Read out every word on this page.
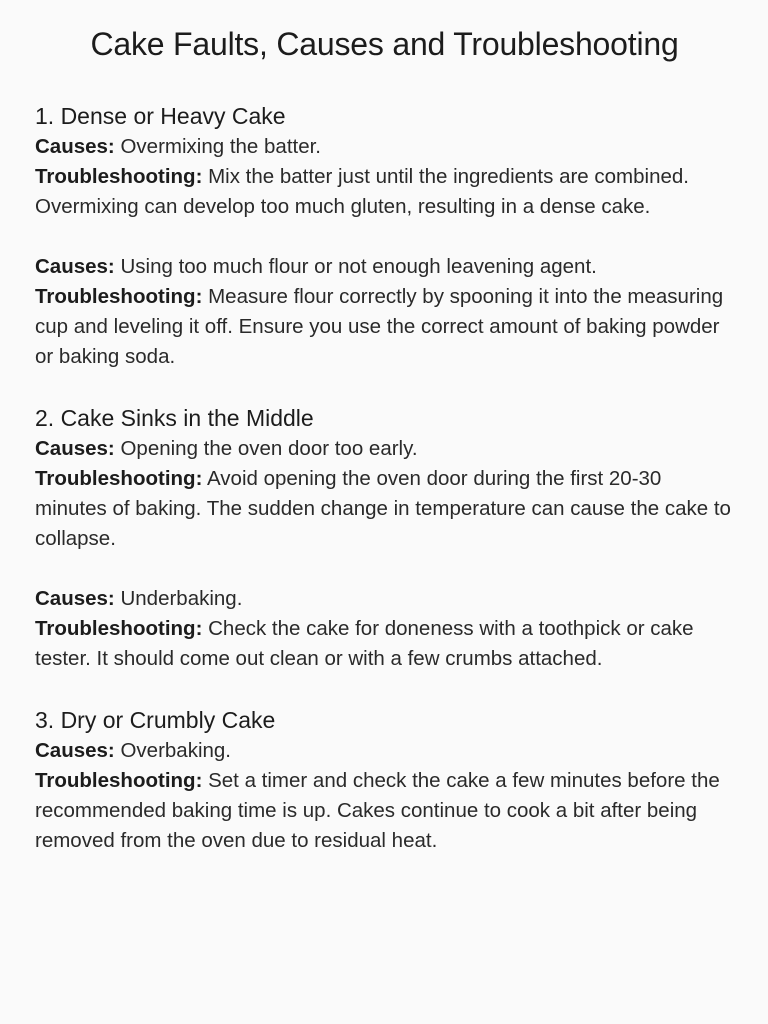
Cake Faults, Causes and Troubleshooting
1. Dense or Heavy Cake

Causes: Overmixing the batter.

Troubleshooting: Mix the batter just until the ingredients are combined. Overmixing can develop too much gluten, resulting in a dense cake.

Causes: Using too much flour or not enough leavening agent.

Troubleshooting: Measure flour correctly by spooning it into the measuring cup and leveling it off. Ensure you use the correct amount of baking powder or baking soda.

2. Cake Sinks in the Middle

Causes: Opening the oven door too early.

Troubleshooting: Avoid opening the oven door during the first 20-30 minutes of baking. The sudden change in temperature can cause the cake to collapse.

Causes: Underbaking.

Troubleshooting: Check the cake for doneness with a toothpick or cake tester. It should come out clean or with a few crumbs attached.

3. Dry or Crumbly Cake

Causes: Overbaking.

Troubleshooting: Set a timer and check the cake a few minutes before the recommended baking time is up. Cakes continue to cook a bit after being removed from the oven due to residual heat.
